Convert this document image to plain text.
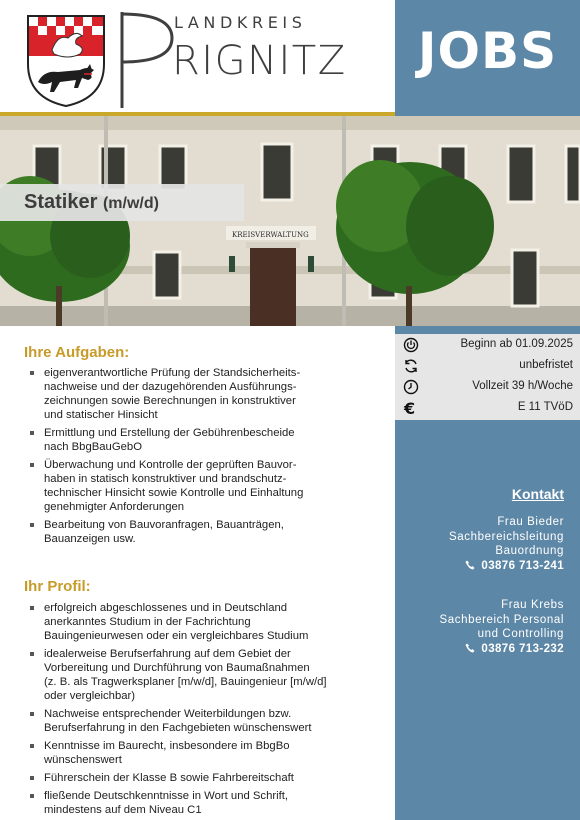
LANDKREIS
RIGNITZ	JOBS
KREISVERWALTUNG
Statiker (m/w/d)
Ihre Aufgaben:
eigenverantwortliche Prüfung der Standsicherheits-
nachweise und der dazugehörenden Ausführungs-
zeichnungen sowie Berechnungen in konstruktiver
und statischer Hinsicht
Ermittlung und Erstellung der Gebührenbescheide
nach BbgBauGebO
Überwachung und Kontrolle der geprüften Bauvor-
haben in statisch konstruktiver und brandschutz-
technischer Hinsicht sowie Kontrolle und Einhaltung
genehmigter Anforderungen
Bearbeitung von Bauvoranfragen, Bauanträgen,
Bauanzeigen usw.
Ihr Profil:
erfolgreich abgeschlossenes und in Deutschland
anerkanntes Studium in der Fachrichtung
Bauingenieurwesen oder ein vergleichbares Studium
idealerweise Berufserfahrung auf dem Gebiet der
Vorbereitung und Durchführung von Baumaßnahmen
(z. B. als Tragwerksplaner [m/w/d], Bauingenieur [m/w/d]
oder vergleichbar)
Nachweise entsprechender Weiterbildungen bzw.
Berufserfahrung in den Fachgebieten wünschenswert
Kenntnisse im Baurecht, insbesondere im BbgBo
wünschenswert
Führerschein der Klasse B sowie Fahrbereitschaft
fließende Deutschkenntnisse in Wort und Schrift,
mindestens auf dem Niveau C1
Beginn ab 01.09.2025
unbefristet
Vollzeit 39 h/Woche
€	E 11 TVöD
Kontakt
Frau Bieder
Sachbereichsleitung
Bauordnung
03876 713-241
Frau Krebs
Sachbereich Personal
und Controlling
03876 713-232
